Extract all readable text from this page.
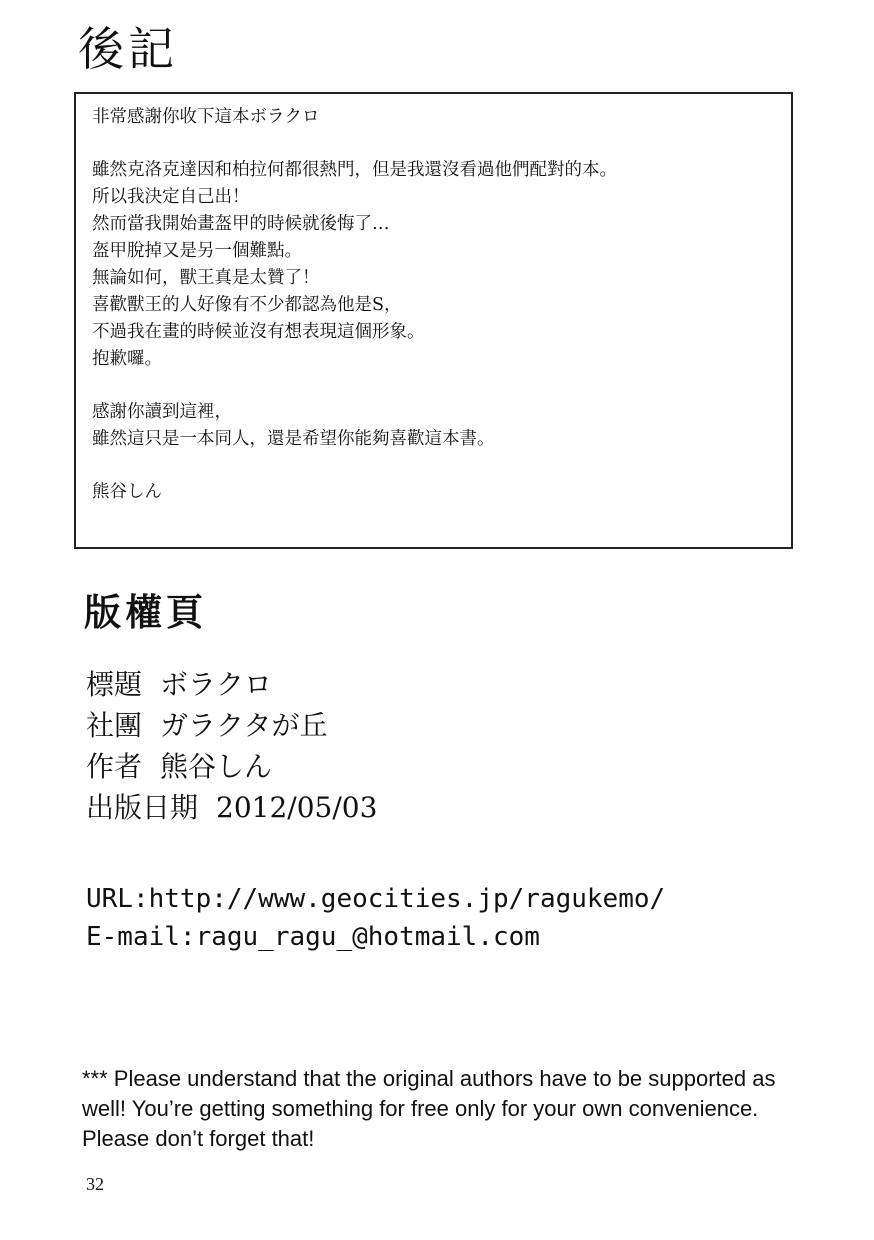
後記
非常感謝你收下這本ボラクロ
雖然克洛克達因和柏拉何都很熱門，但是我還沒看過他們配對的本。
所以我決定自己出！
然而當我開始畫盔甲的時候就後悔了…
盔甲脫掉又是另一個難點。
無論如何，獸王真是太贊了！
喜歡獸王的人好像有不少都認為他是S，
不過我在畫的時候並沒有想表現這個形象。
抱歉囉。
感謝你讀到這裡，
雖然這只是一本同人，還是希望你能夠喜歡這本書。
熊谷しん
版權頁
標題 ボラクロ
社團 ガラクタが丘
作者 熊谷しん
出版日期 2012/05/03
URL:http://www.geocities.jp/ragukemo/
E-mail:ragu_ragu_@hotmail.com
*** Please understand that the original authors have to be supported as well! You’re getting something for free only for your own convenience. Please don’t forget that!
32
